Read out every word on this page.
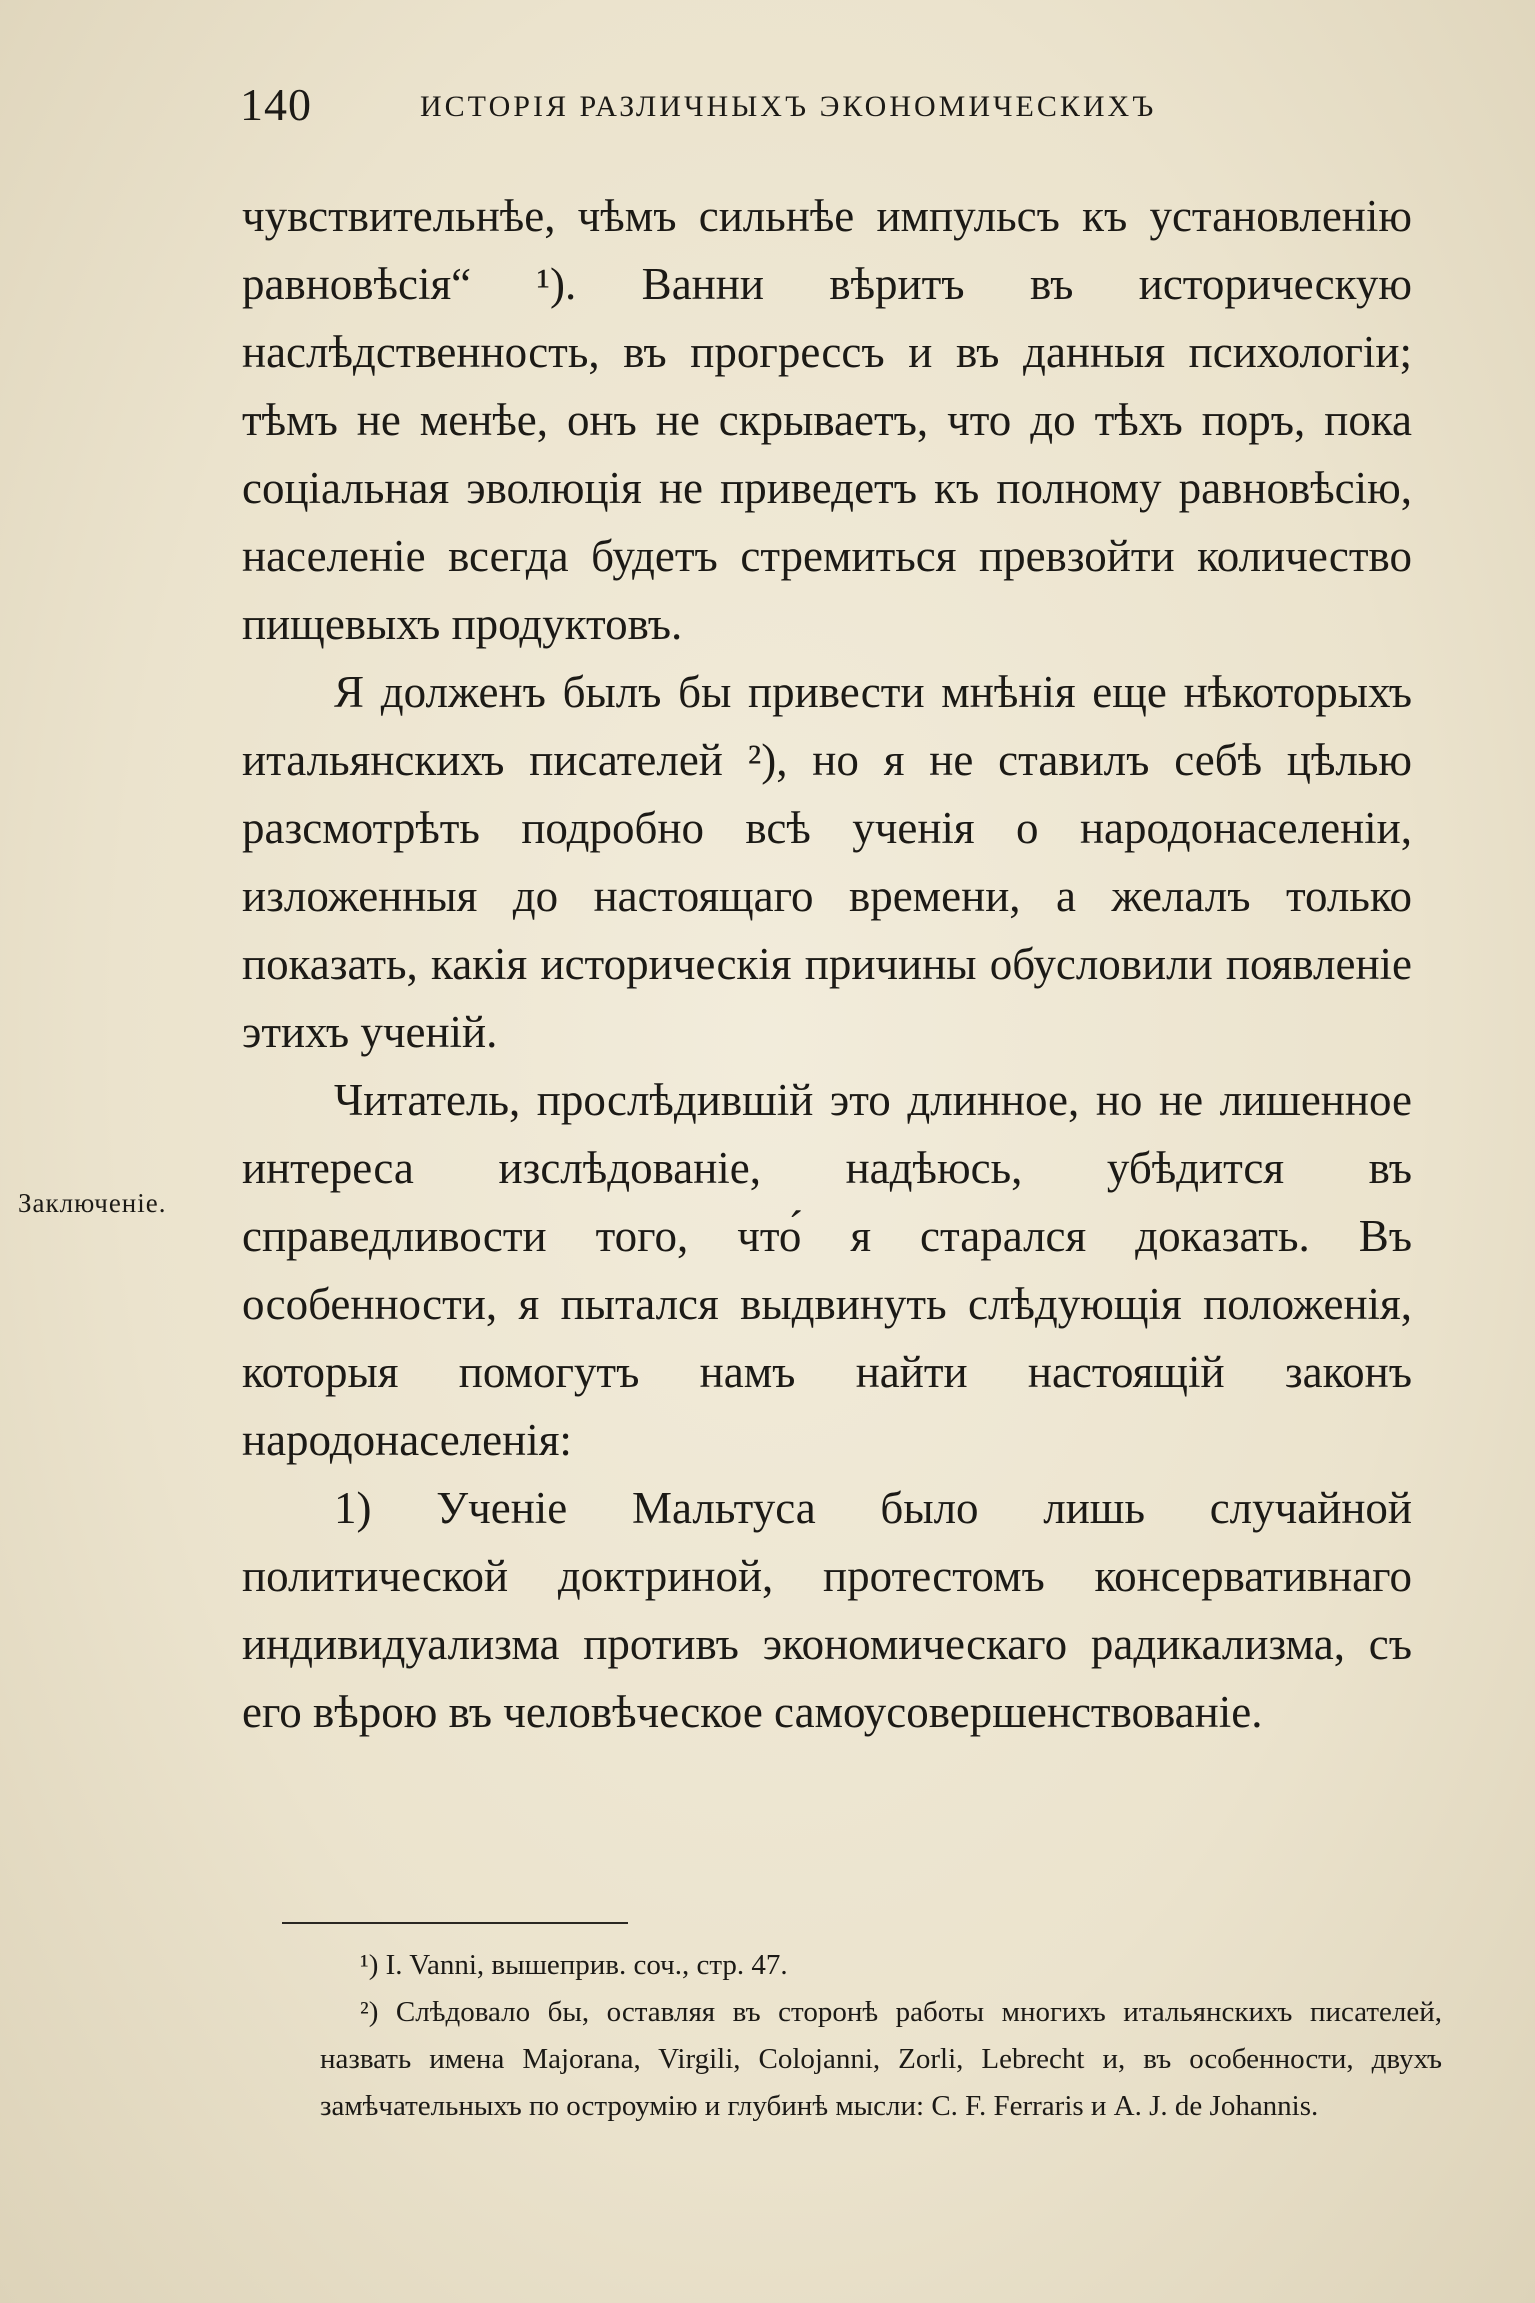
140	ИСТОРІЯ РАЗЛИЧНЫХЪ ЭКОНОМИЧЕСКИХЪ

чувствительнѣе, чѣмъ сильнѣе импульсъ къ установленію равновѣсія“ ¹). Ванни вѣритъ въ историческую наслѣдственность, въ прогрессъ и въ данныя психологіи; тѣмъ не менѣе, онъ не скрываетъ, что до тѣхъ поръ, пока соціальная эволюція не приведетъ къ полному равновѣсію, населеніе всегда будетъ стремиться превзойти количество пищевыхъ продуктовъ.

Я долженъ былъ бы привести мнѣнія еще нѣкоторыхъ итальянскихъ писателей ²), но я не ставилъ себѣ цѣлью разсмотрѣть подробно всѣ ученія о народонаселеніи, изложенныя до настоящаго времени, а желалъ только показать, какія историческія причины обусловили появленіе этихъ ученій.

Читатель, прослѣдившій это длинное, но не лишенное интереса изслѣдованіе, надѣюсь, убѣдится въ справедливости того, что́ я старался доказать. Въ особенности, я пытался выдвинуть слѣдующія положенія, которыя помогутъ намъ найти настоящій законъ народонаселенія:

1) Ученіе Мальтуса было лишь случайной политической доктриной, протестомъ консервативнаго индивидуализма противъ экономическаго радикализма, съ его вѣрою въ человѣческое самоусовершенствованіе.

Заключеніе.

¹) I. Vanni, вышеприв. соч., стр. 47.

²) Слѣдовало бы, оставляя въ сторонѣ работы многихъ итальянскихъ писателей, назвать имена Majorana, Virgili, Colojanni, Zorli, Lebrecht и, въ особенности, двухъ замѣчательныхъ по остроумію и глубинѣ мысли: C. F. Ferraris и A. J. de Johannis.
